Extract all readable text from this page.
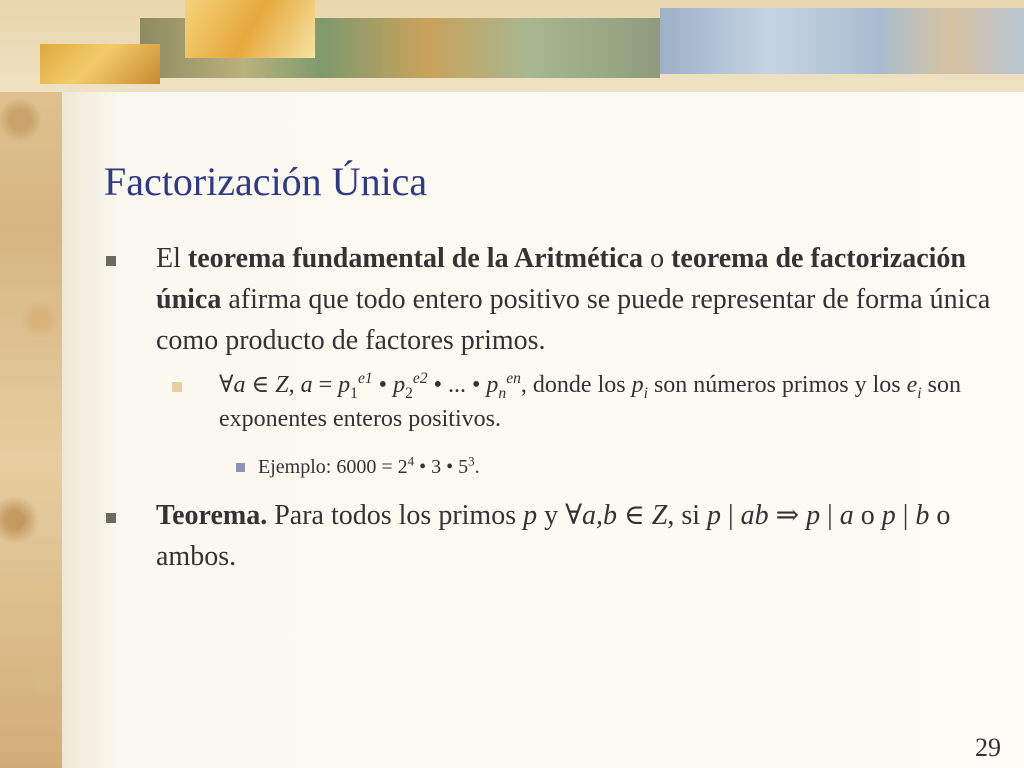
Factorización Única
El teorema fundamental de la Aritmética o teorema de factorización única afirma que todo entero positivo se puede representar de forma única como producto de factores primos.
∀a ∈ Z, $a = p_1^{e1}$ • $p_2^{e2}$ • ... • $p_n^{en}$, donde los $p_i$ son números primos y los $e_i$ son exponentes enteros positivos.
Ejemplo: $6000 = 2^4$ • 3 • $5^3$.
Teorema. Para todos los primos p y ∀a,b ∈ Z, si p | ab ⇒ p | a o p | b o ambos.
29
